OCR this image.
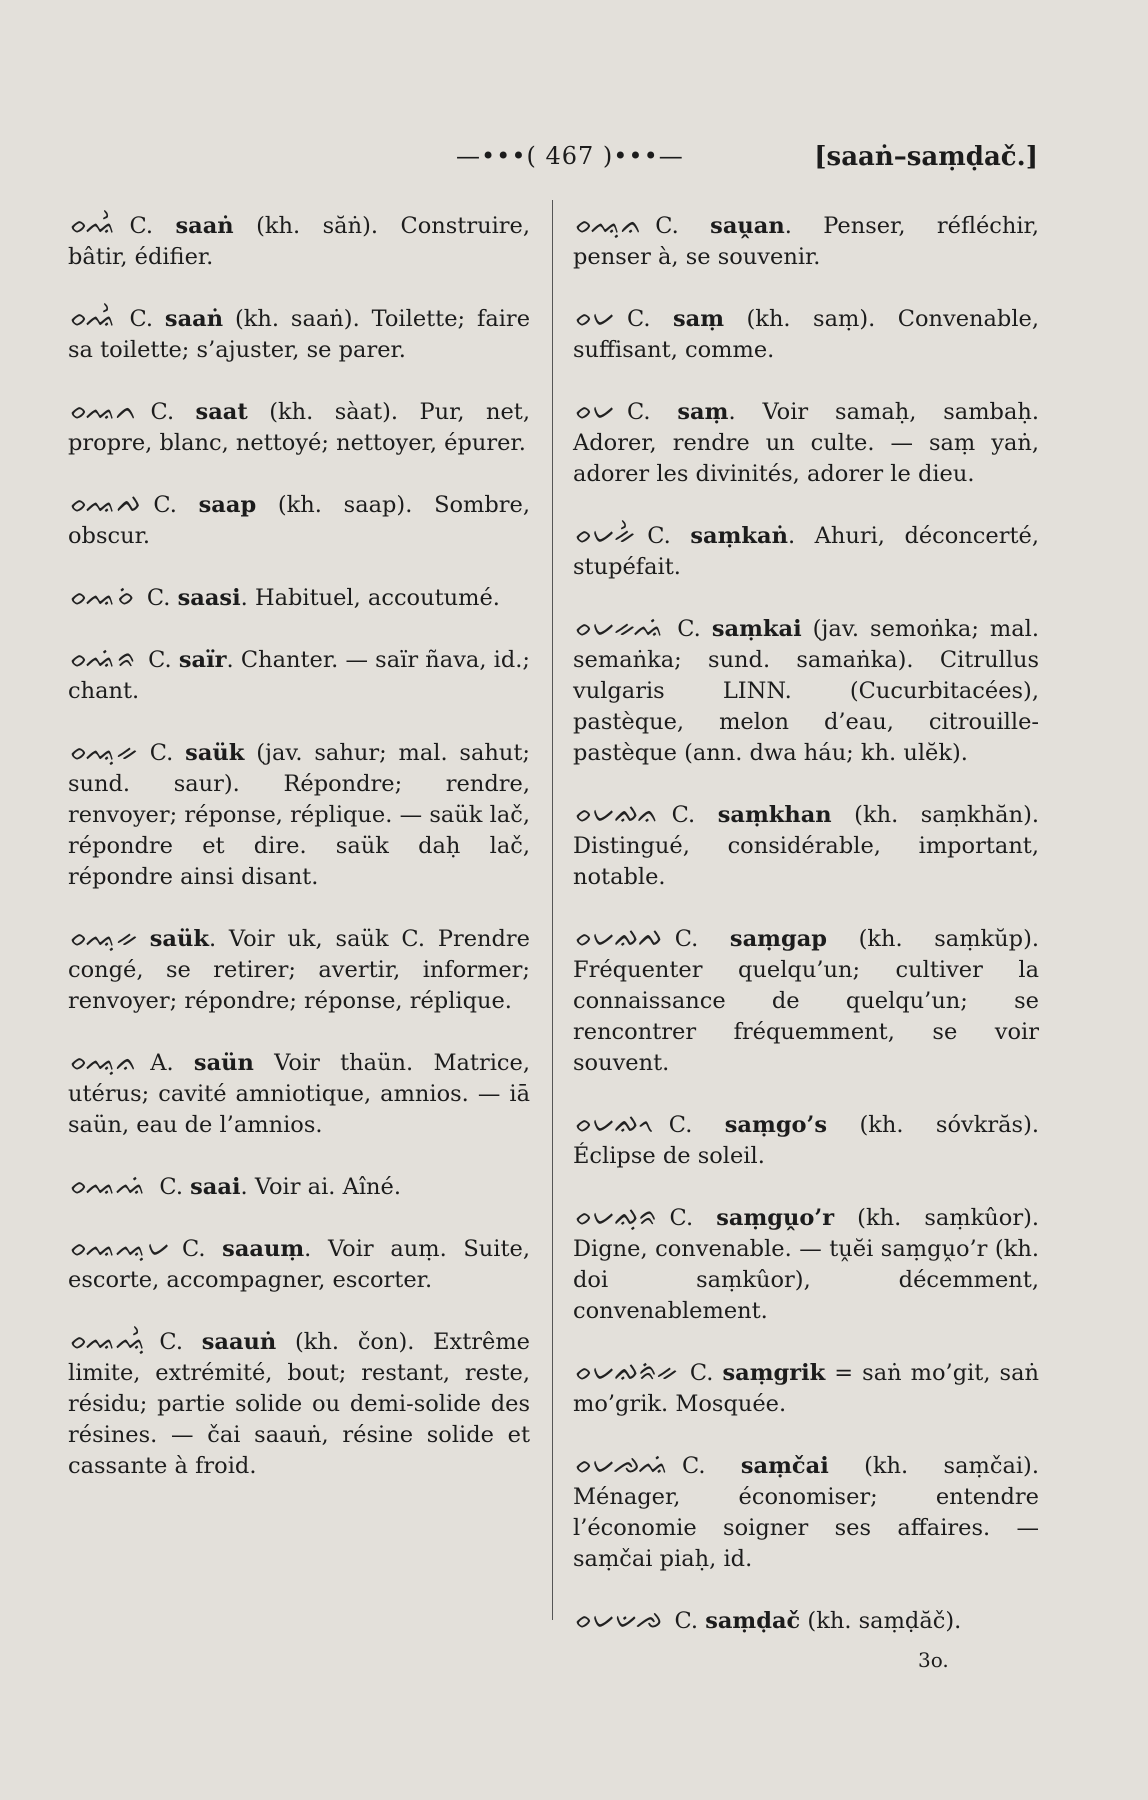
—•••( 467 )•••—	[saaṅ–saṃḍač.]
ᨔᨕᨛ C. saaṅ (kh. săṅ). Construire, bâtir, édifier.
ᨔᨕᨛ C. saaṅ (kh. saaṅ). Toilette; faire sa toilette; s’ajuster, se parer.
ᨔᨕᨈ C. saat (kh. sàat). Pur, net, propre, blanc, nettoyé; nettoyer, épurer.
ᨔᨕᨄ C. saap (kh. saap). Sombre, obscur.
ᨔᨕᨔᨗ C. saasi. Habituel, accoutumé.
ᨔᨕᨗᨑ C. saïr. Chanter. — saïr ñava, id.; chant.
ᨔᨕᨘᨀ C. saük (jav. sahur; mal. sahut; sund. saur). Répondre; rendre, renvoyer; réponse, réplique. — saük lač, répondre et dire. saük daḥ lač, répondre ainsi disant.
ᨔᨕᨘᨀ saük. Voir uk, saük C. Prendre congé, se retirer; avertir, informer; renvoyer; répondre; réponse, réplique.
ᨔᨕᨘᨊ A. saün Voir thaün. Matrice, utérus; cavité amniotique, amnios. — iā saün, eau de l’amnios.
ᨔᨕᨕᨗ C. saai. Voir ai. Aîné.
ᨔᨕᨕᨘᨆ C. saauṃ. Voir auṃ. Suite, escorte, accompagner, escorter.
ᨔᨕᨕᨘᨛ C. saauṅ (kh. čon). Extrême limite, extrémité, bout; restant, reste, résidu; partie solide ou demi-solide des résines. — čai saauṅ, résine solide et cassante à froid.
ᨔᨕᨘᨊ C. saṷan. Penser, réfléchir, penser à, se souvenir.
ᨔᨆ C. saṃ (kh. saṃ). Convenable, suffisant, comme.
ᨔᨆ C. saṃ. Voir samaḥ, sambaḥ. Adorer, rendre un culte. — saṃ yaṅ, adorer les divinités, adorer le dieu.
ᨔᨆᨀᨛ C. saṃkaṅ. Ahuri, déconcerté, stupéfait.
ᨔᨆᨀᨕᨗ C. saṃkai (jav. semoṅka; mal. semaṅka; sund. samaṅka). Citrullus vulgaris LINN. (Cucurbitacées), pastèque, melon d’eau, citrouille-pastèque (ann. dwa háu; kh. ulĕk).
ᨔᨆᨁᨊ C. saṃkhan (kh. saṃkhăn). Distingué, considérable, important, notable.
ᨔᨆᨁᨄ C. saṃgap (kh. saṃkŭp). Fréquenter quelqu’un; cultiver la connaissance de quelqu’un; se rencontrer fréquemment, se voir souvent.
ᨔᨆᨁᨚ C. saṃgo’s (kh. sóvkrăs). Éclipse de soleil.
ᨔᨆᨁᨘᨑ C. saṃgṷo’r (kh. saṃkûor). Digne, convenable. — tṷĕi saṃgṷo’r (kh. doi saṃkûor), décemment, convenablement.
ᨔᨆᨁᨑᨗᨀ C. saṃgrik = saṅ mo’git, saṅ mo’grik. Mosquée.
ᨔᨆᨌᨕᨗ C. saṃčai (kh. saṃčai). Ménager, économiser; entendre l’économie soigner ses affaires. — saṃčai piaḥ, id.
ᨔᨆᨉᨌ C. saṃḍač (kh. saṃḍăč).
3o.
